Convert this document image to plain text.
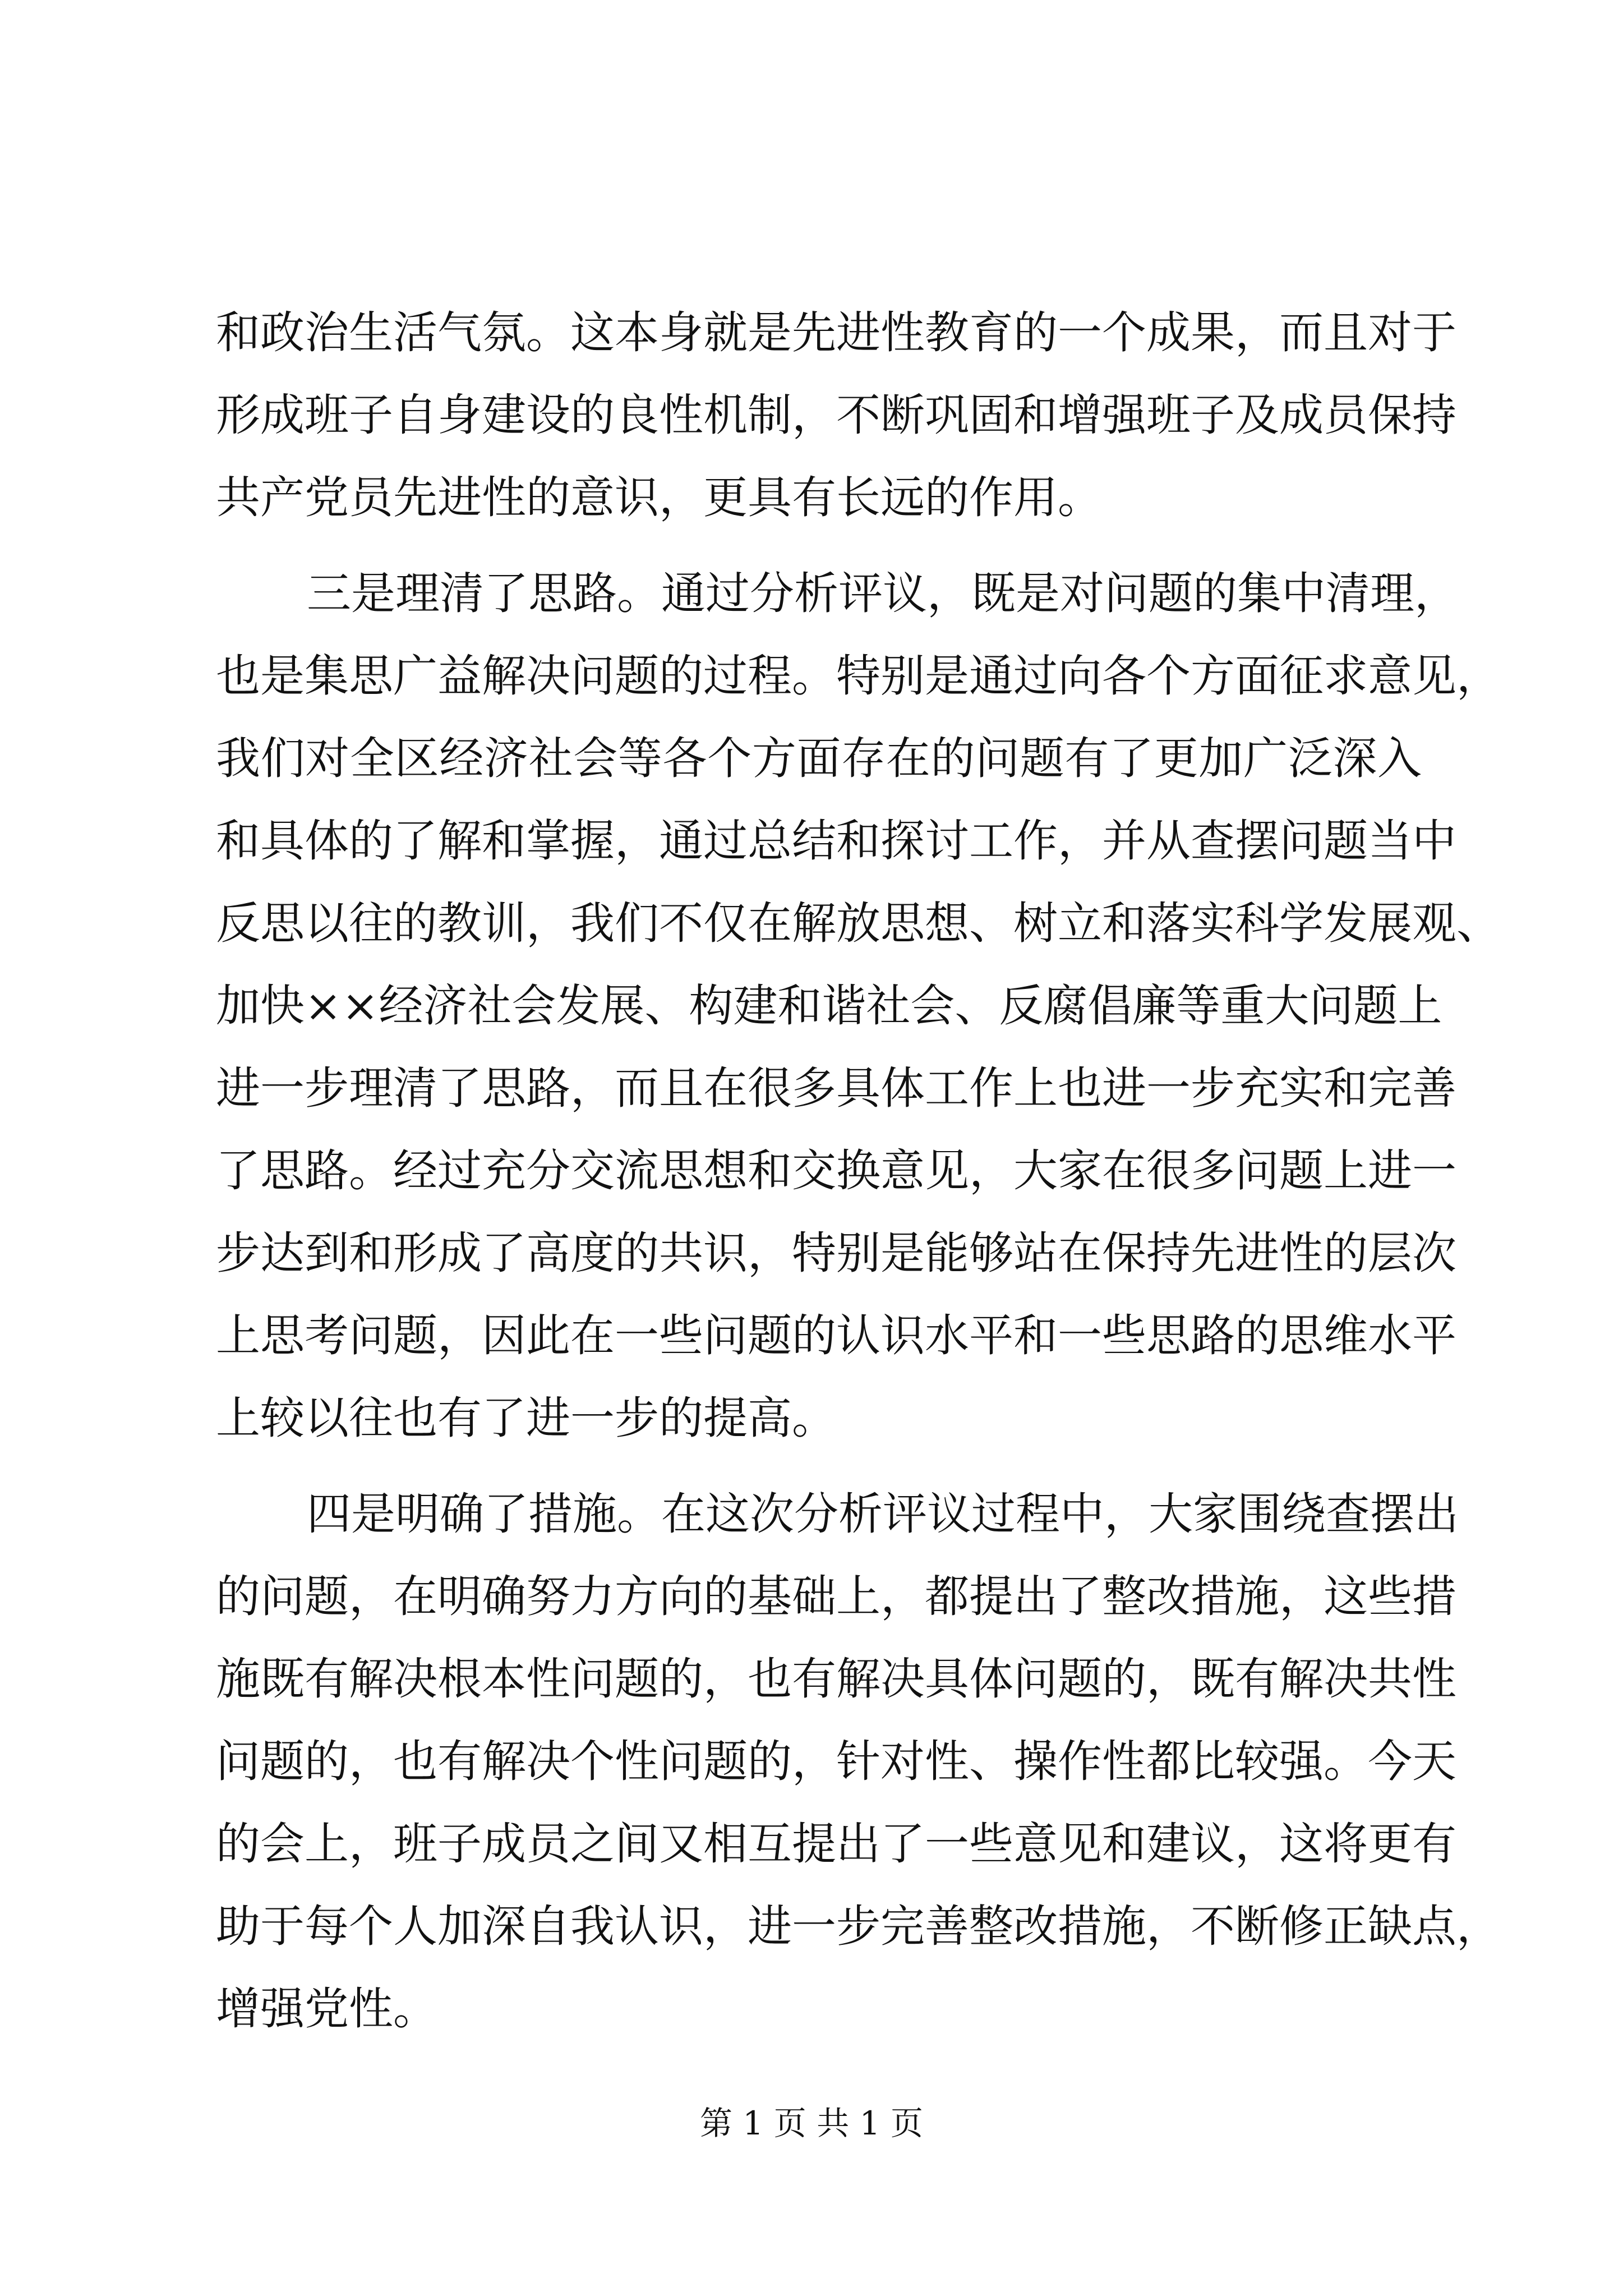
和政治生活气氛。这本身就是先进性教育的一个成果，而且对于
形成班子自身建设的良性机制，不断巩固和增强班子及成员保持
共产党员先进性的意识，更具有长远的作用。
三是理清了思路。通过分析评议，既是对问题的集中清理，
也是集思广益解决问题的过程。特别是通过向各个方面征求意见，
我们对全区经济社会等各个方面存在的问题有了更加广泛深入
和具体的了解和掌握，通过总结和探讨工作，并从查摆问题当中
反思以往的教训，我们不仅在解放思想、树立和落实科学发展观、
加快××经济社会发展、构建和谐社会、反腐倡廉等重大问题上
进一步理清了思路，而且在很多具体工作上也进一步充实和完善
了思路。经过充分交流思想和交换意见，大家在很多问题上进一
步达到和形成了高度的共识，特别是能够站在保持先进性的层次
上思考问题，因此在一些问题的认识水平和一些思路的思维水平
上较以往也有了进一步的提高。
四是明确了措施。在这次分析评议过程中，大家围绕查摆出
的问题，在明确努力方向的基础上，都提出了整改措施，这些措
施既有解决根本性问题的，也有解决具体问题的，既有解决共性
问题的，也有解决个性问题的，针对性、操作性都比较强。今天
的会上，班子成员之间又相互提出了一些意见和建议，这将更有
助于每个人加深自我认识，进一步完善整改措施，不断修正缺点，
增强党性。
第 1 页 共 1 页
